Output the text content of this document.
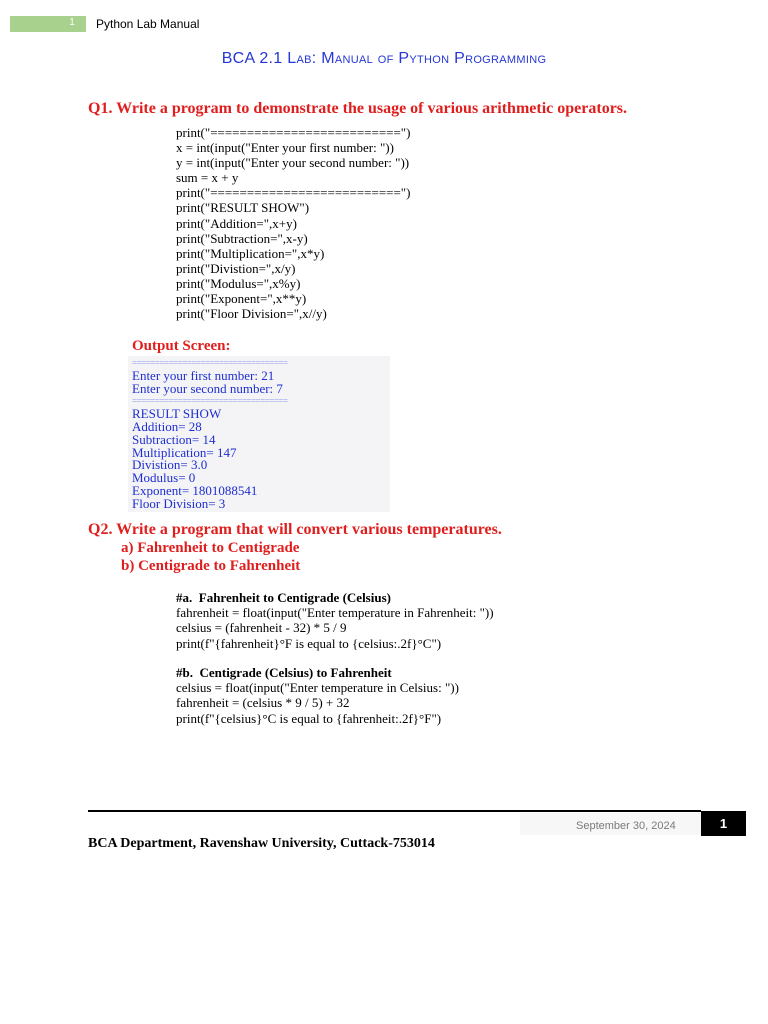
1 Python Lab Manual
BCA 2.1 Lab: Manual of Python Programming
Q1. Write a program to demonstrate the usage of various arithmetic operators.
print("==========================")
x = int(input("Enter your first number: "))
y = int(input("Enter your second number: "))
sum = x + y
print("==========================")
print("RESULT SHOW")
print("Addition=",x+y)
print("Subtraction=",x-y)
print("Multiplication=",x*y)
print("Divistion=",x/y)
print("Modulus=",x%y)
print("Exponent=",x**y)
print("Floor Division=",x//y)
Output Screen:
==================================
Enter your first number: 21
Enter your second number: 7
==================================
RESULT SHOW
Addition= 28
Subtraction= 14
Multiplication= 147
Divistion= 3.0
Modulus= 0
Exponent= 1801088541
Floor Division= 3
Q2. Write a program that will convert various temperatures.
a) Fahrenheit to Centigrade
b) Centigrade to Fahrenheit
#a.  Fahrenheit to Centigrade (Celsius)
fahrenheit = float(input("Enter temperature in Fahrenheit: "))
celsius = (fahrenheit - 32) * 5 / 9
print(f"{fahrenheit}°F is equal to {celsius:.2f}°C")
#b.  Centigrade (Celsius) to Fahrenheit
celsius = float(input("Enter temperature in Celsius: "))
fahrenheit = (celsius * 9 / 5) + 32
print(f"{celsius}°C is equal to {fahrenheit:.2f}°F")
September 30, 2024	1
BCA Department, Ravenshaw University, Cuttack-753014
